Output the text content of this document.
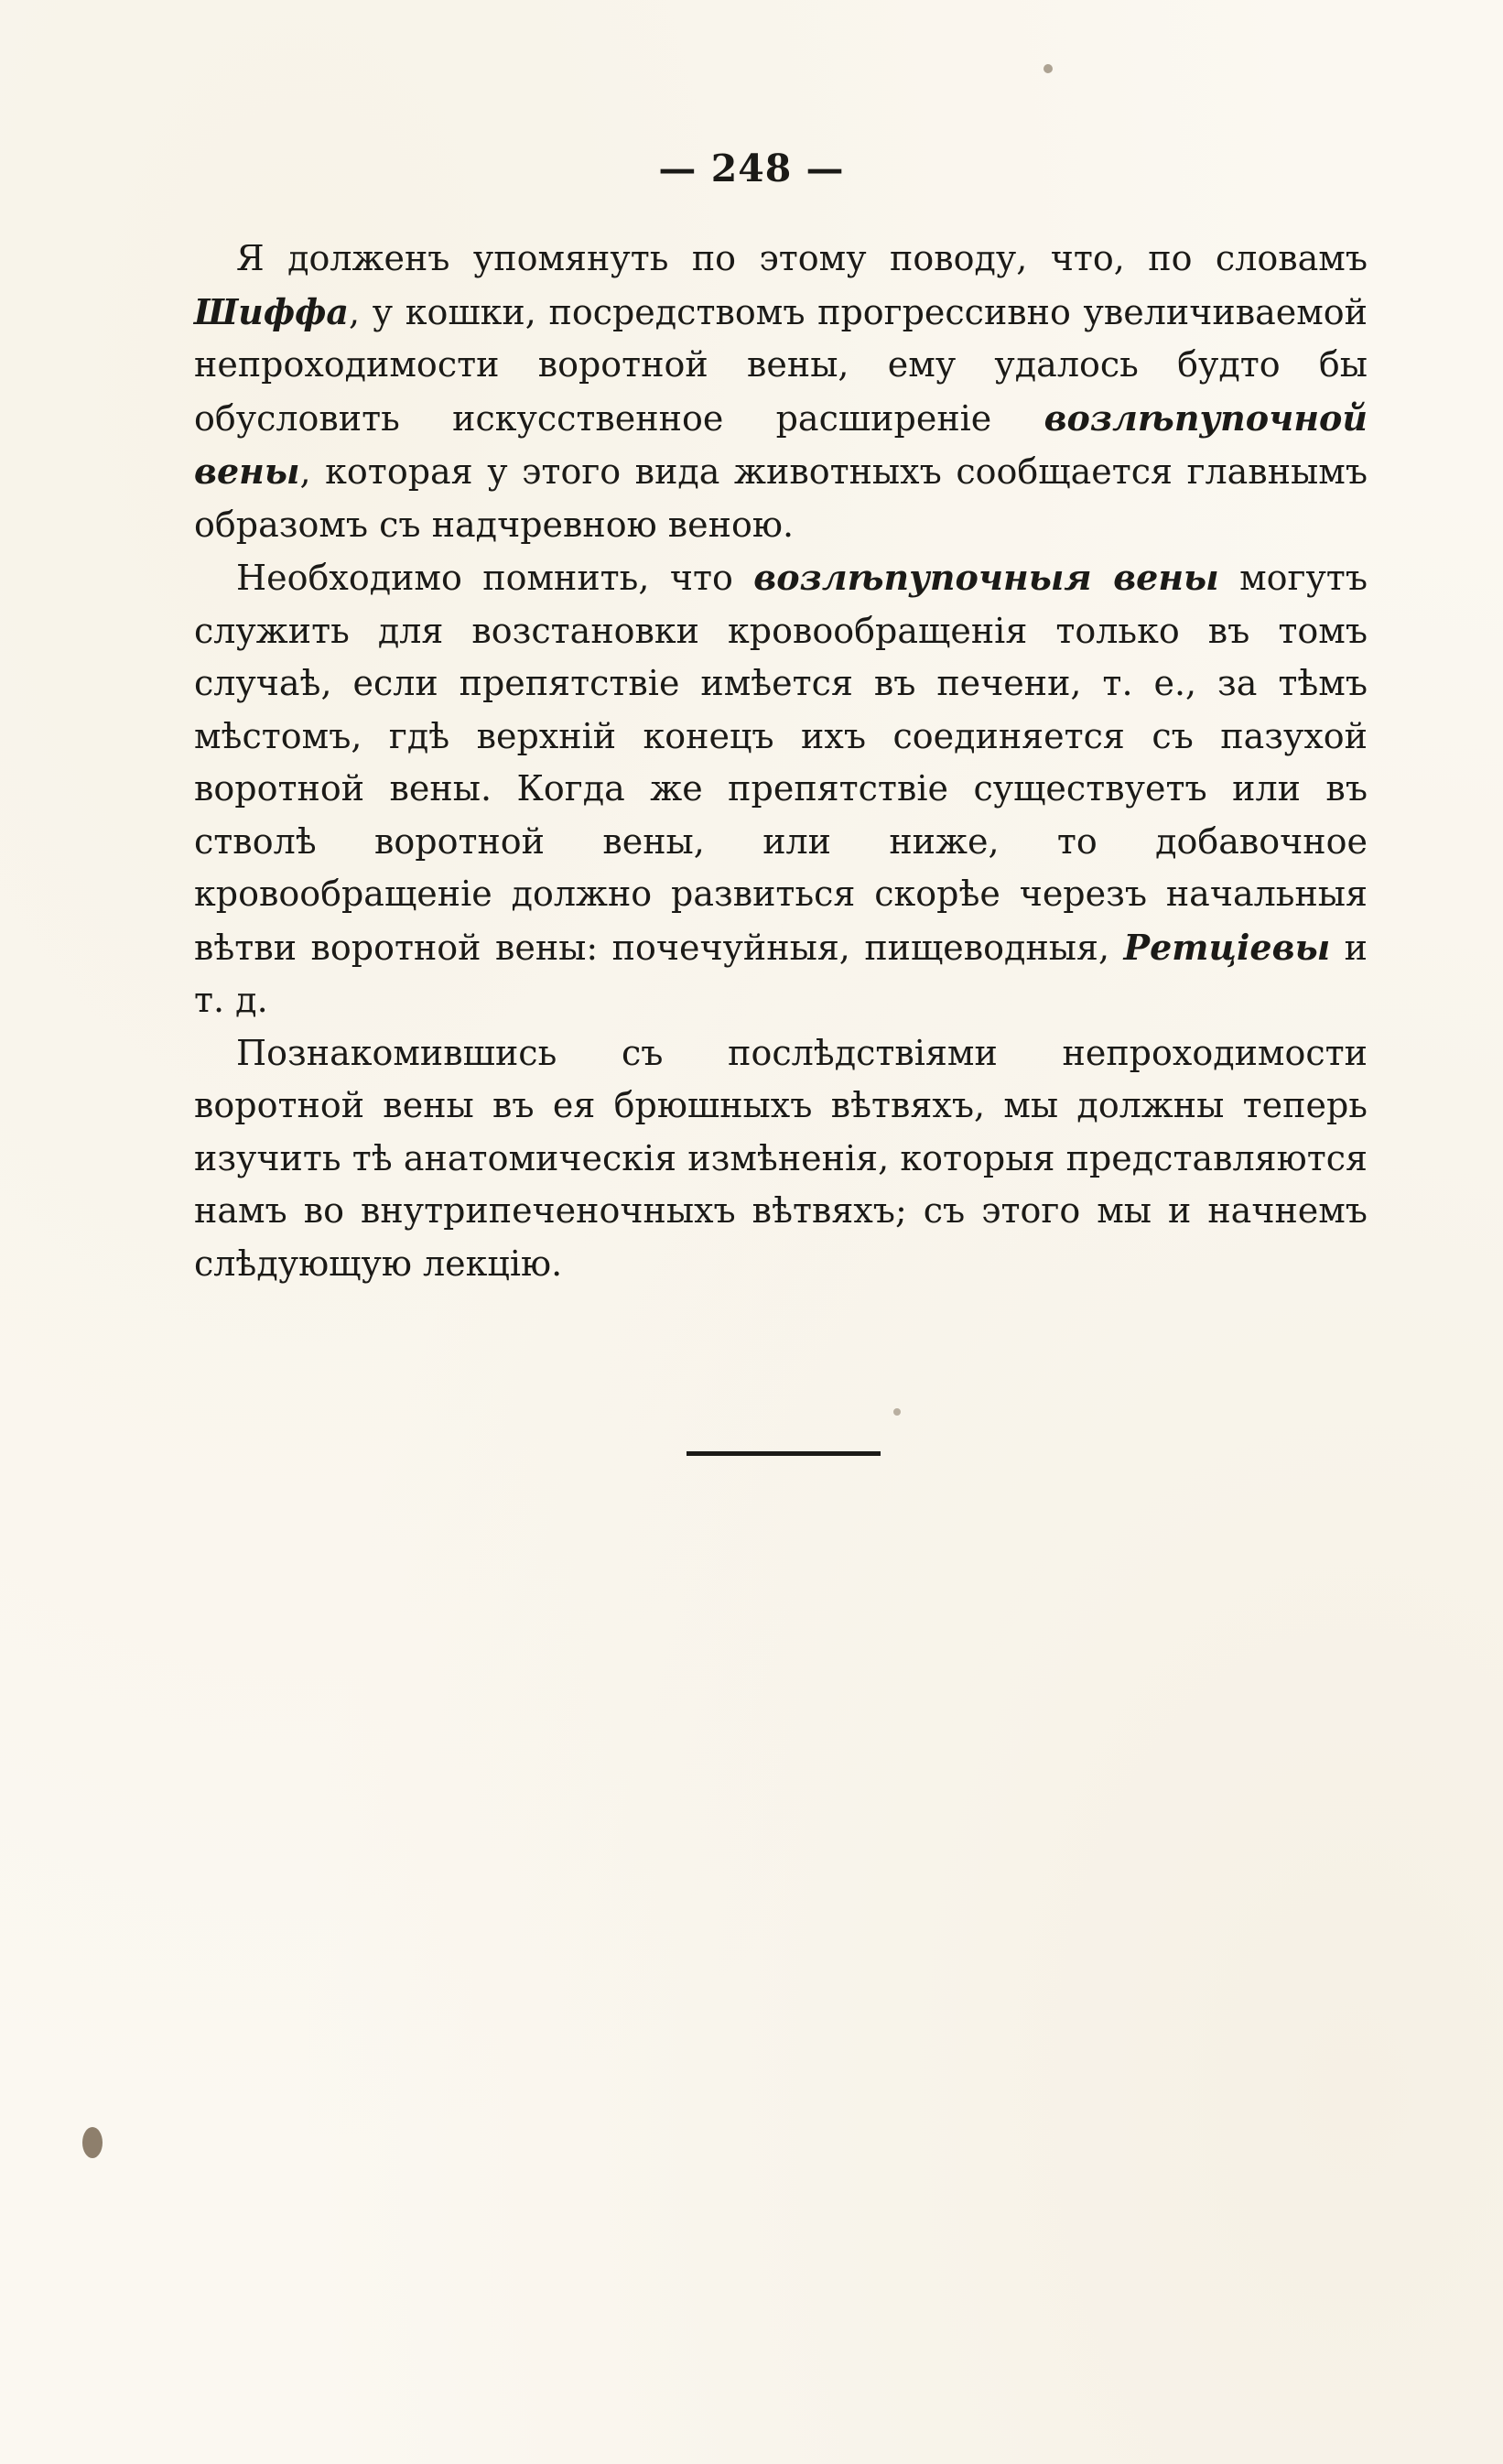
— 248 —

Я долженъ упомянуть по этому поводу, что, по словамъ Шиффа, у кошки, посредствомъ прогрессивно увеличиваемой непроходимости воротной вены, ему удалось будто бы обусловить искусственное расширеніе возлѣпупочной вены, которая у этого вида животныхъ сообщается главнымъ образомъ съ надчревною веною.

Необходимо помнить, что возлѣпупочныя вены могутъ служить для возстановки кровообращенія только въ томъ случаѣ, если препятствіе имѣется въ печени, т. е., за тѣмъ мѣстомъ, гдѣ верхній конецъ ихъ соединяется съ пазухой воротной вены. Когда же препятствіе существуетъ или въ стволѣ воротной вены, или ниже, то добавочное кровообращеніе должно развиться скорѣе черезъ начальныя вѣтви воротной вены: почечуйныя, пищеводныя, Ретціевы и т. д.

Познакомившись съ послѣдствіями непроходимости воротной вены въ ея брюшныхъ вѣтвяхъ, мы должны теперь изучить тѣ анатомическія измѣненія, которыя представляются намъ во внутрипеченочныхъ вѣтвяхъ; съ этого мы и начнемъ слѣдующую лекцію.
